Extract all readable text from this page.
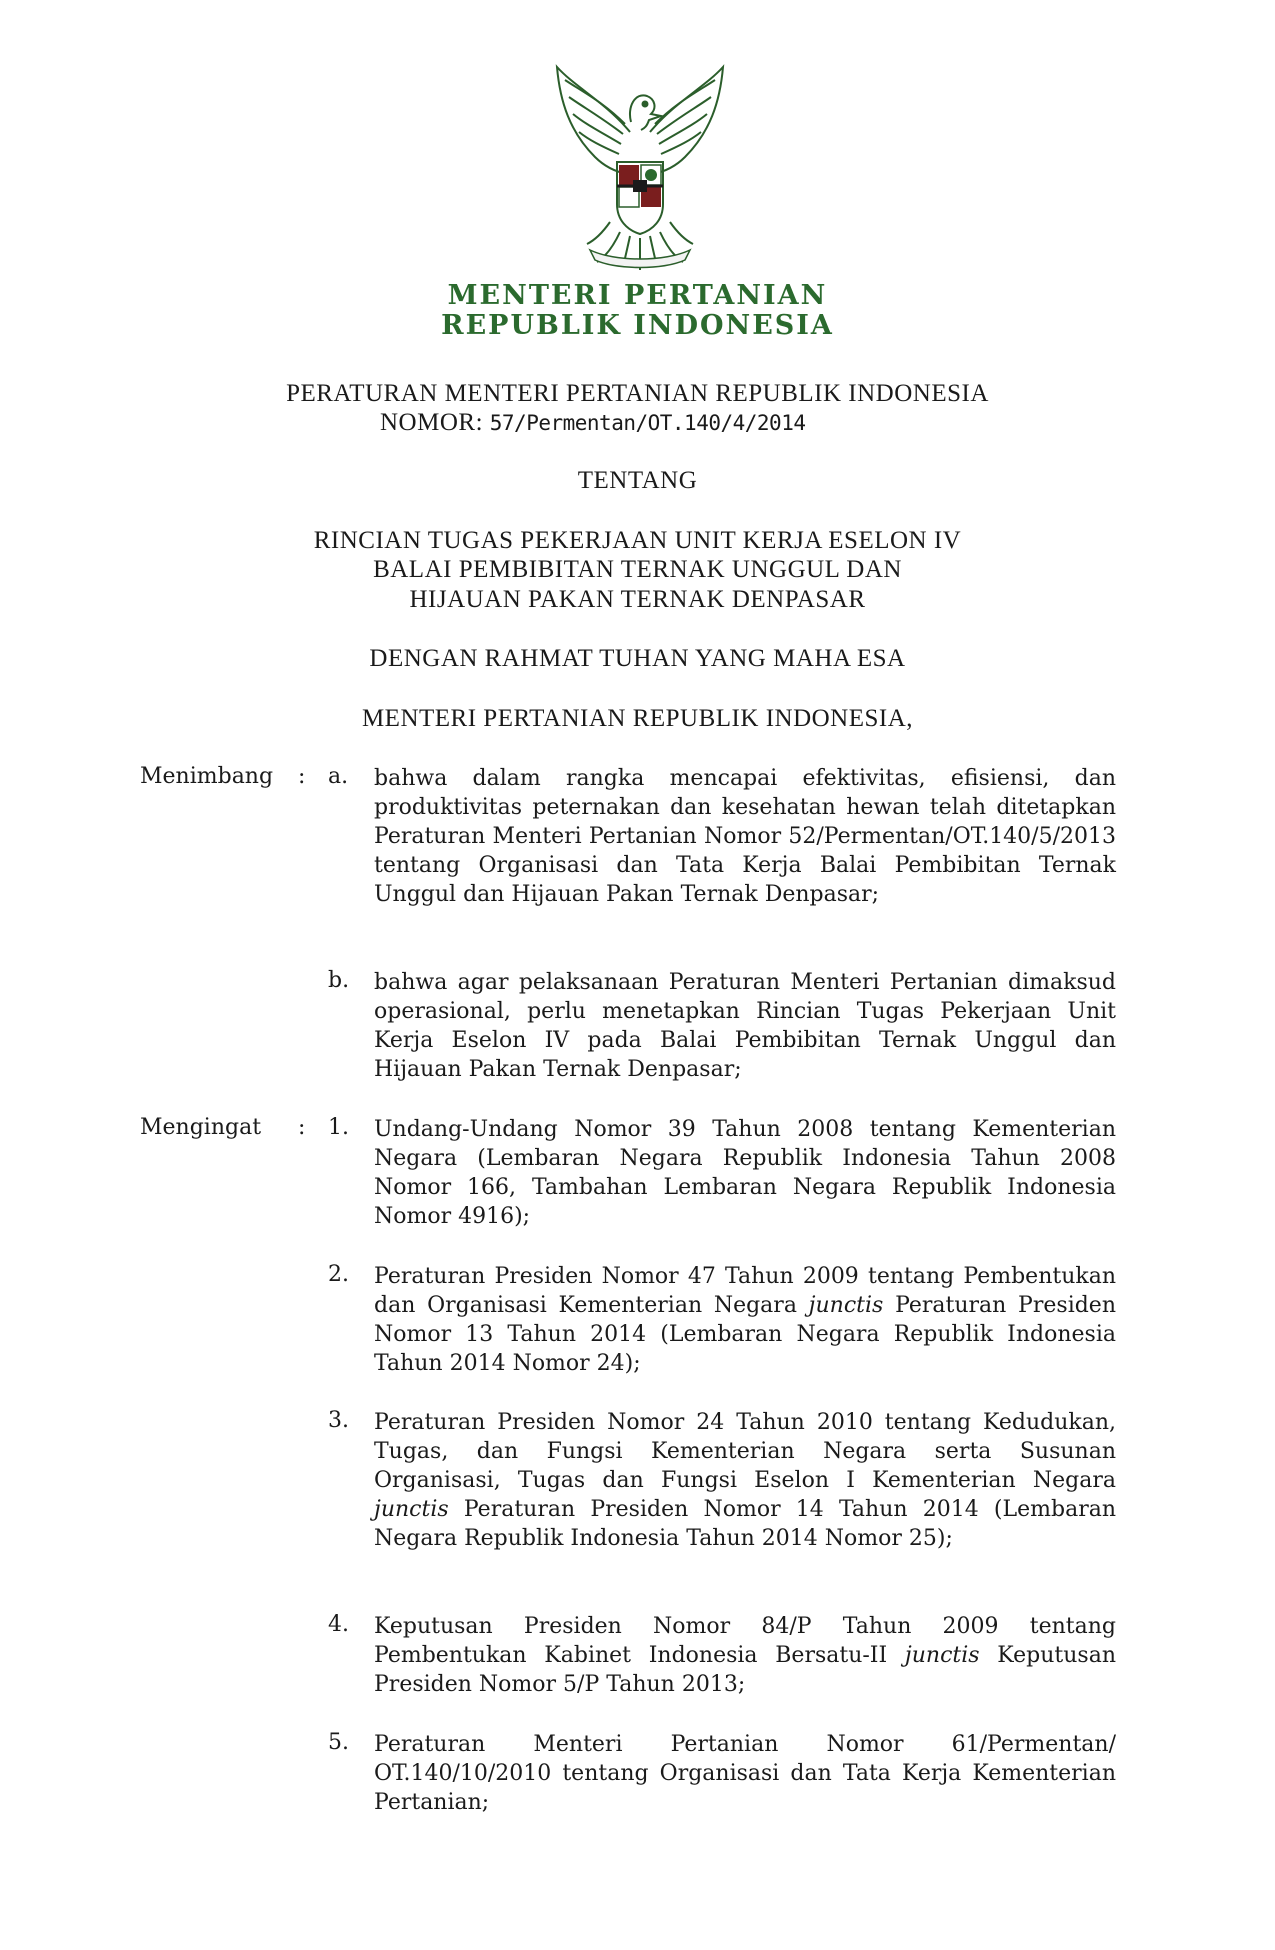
MENTERI PERTANIAN
REPUBLIK INDONESIA
PERATURAN MENTERI PERTANIAN REPUBLIK INDONESIA
NOMOR: 57/Permentan/OT.140/4/2014
TENTANG
RINCIAN TUGAS PEKERJAAN UNIT KERJA ESELON IV
BALAI PEMBIBITAN TERNAK UNGGUL DAN
HIJAUAN PAKAN TERNAK DENPASAR
DENGAN RAHMAT TUHAN YANG MAHA ESA
MENTERI PERTANIAN REPUBLIK INDONESIA,
Menimbang	: a.	bahwa dalam rangka mencapai efektivitas, efisiensi, dan produktivitas peternakan dan kesehatan hewan telah ditetapkan Peraturan Menteri Pertanian Nomor 52/Permentan/OT.140/5/2013 tentang Organisasi dan Tata Kerja Balai Pembibitan Ternak Unggul dan Hijauan Pakan Ternak Denpasar;

b.	bahwa agar pelaksanaan Peraturan Menteri Pertanian dimaksud operasional, perlu menetapkan Rincian Tugas Pekerjaan Unit Kerja Eselon IV pada Balai Pembibitan Ternak Unggul dan Hijauan Pakan Ternak Denpasar;

Mengingat	: 1.	Undang-Undang Nomor 39 Tahun 2008 tentang Kementerian Negara (Lembaran Negara Republik Indonesia Tahun 2008 Nomor 166, Tambahan Lembaran Negara Republik Indonesia Nomor 4916);

2.	Peraturan Presiden Nomor 47 Tahun 2009 tentang Pembentukan dan Organisasi Kementerian Negara junctis Peraturan Presiden Nomor 13 Tahun 2014 (Lembaran Negara Republik Indonesia Tahun 2014 Nomor 24);

3.	Peraturan Presiden Nomor 24 Tahun 2010 tentang Kedudukan, Tugas, dan Fungsi Kementerian Negara serta Susunan Organisasi, Tugas dan Fungsi Eselon I Kementerian Negara junctis Peraturan Presiden Nomor 14 Tahun 2014 (Lembaran Negara Republik Indonesia Tahun 2014 Nomor 25);

4.	Keputusan Presiden Nomor 84/P Tahun 2009 tentang Pembentukan Kabinet Indonesia Bersatu-II junctis Keputusan Presiden Nomor 5/P Tahun 2013;

5.	Peraturan Menteri Pertanian Nomor 61/Permentan/ OT.140/10/2010 tentang Organisasi dan Tata Kerja Kementerian Pertanian;
